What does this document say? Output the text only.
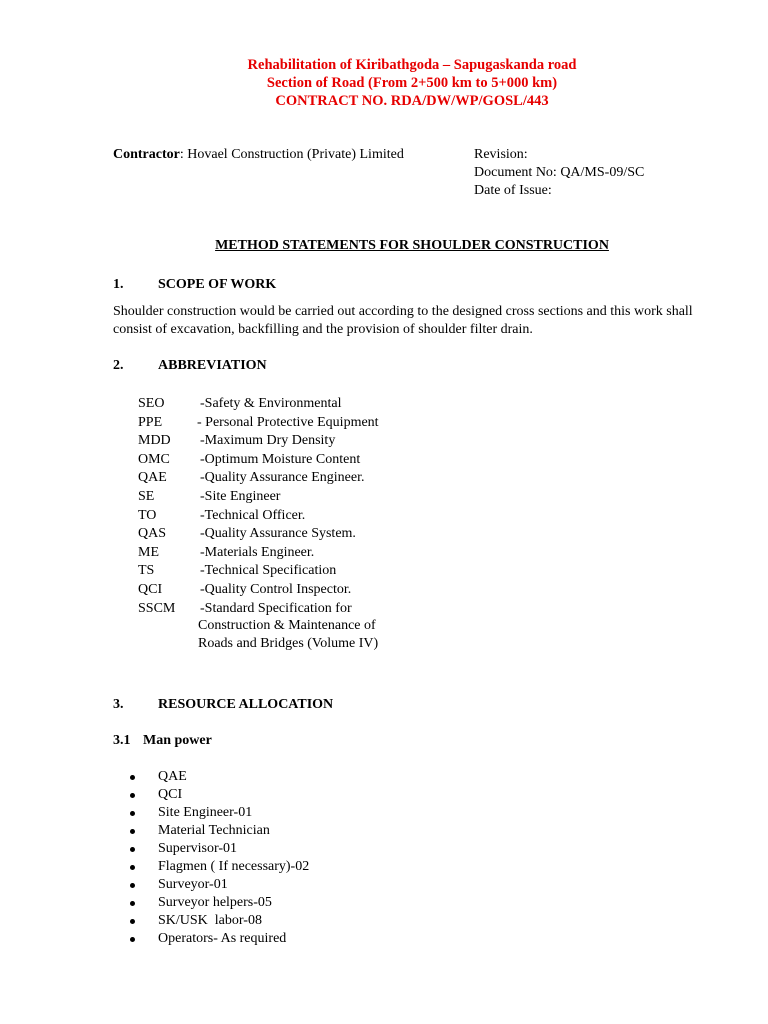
Rehabilitation of Kiribathgoda – Sapugaskanda road
Section of Road (From 2+500 km to 5+000 km)
CONTRACT NO. RDA/DW/WP/GOSL/443
Contractor: Hovael Construction (Private) Limited	Revision:
Document No: QA/MS-09/SC
Date of Issue:
METHOD STATEMENTS FOR SHOULDER CONSTRUCTION
1. SCOPE OF WORK
Shoulder construction would be carried out according to the designed cross sections and this work shall consist of excavation, backfilling and the provision of shoulder filter drain.
2. ABBREVIATION
SEO	-Safety & Environmental
PPE - Personal Protective Equipment
MDD -Maximum Dry Density
OMC -Optimum Moisture Content
QAE -Quality Assurance Engineer.
SE	-Site Engineer
TO	-Technical Officer.
QAS -Quality Assurance System.
ME	-Materials Engineer.
TS	-Technical Specification
QCI	-Quality Control Inspector.
SSCM -Standard Specification for
Construction & Maintenance of
Roads and Bridges (Volume IV)
3. RESOURCE ALLOCATION
3.1 Man power
QAE
QCI
Site Engineer-01
Material Technician
Supervisor-01
Flagmen ( If necessary)-02
Surveyor-01
Surveyor helpers-05
SK/USK  labor-08
Operators- As required
